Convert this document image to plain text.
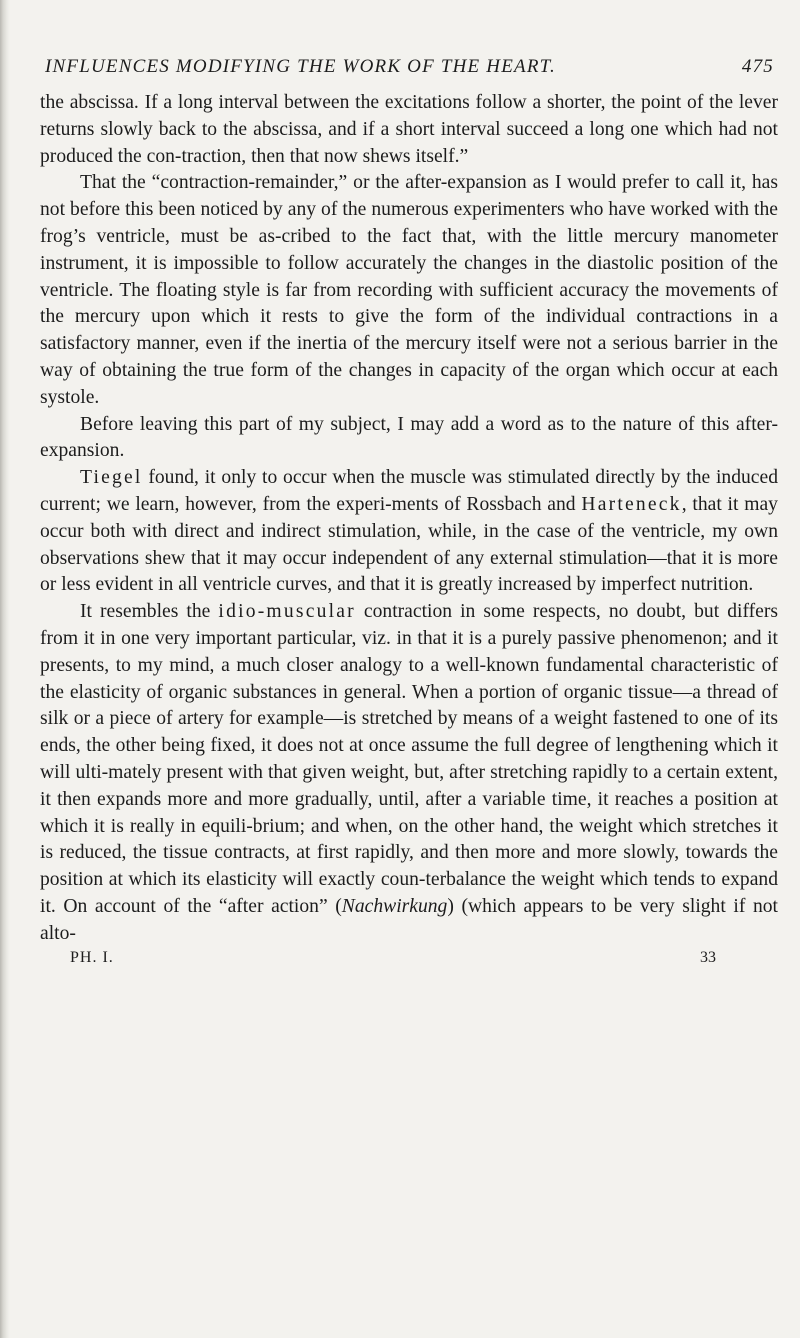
INFLUENCES MODIFYING THE WORK OF THE HEART.	475

the abscissa. If a long interval between the excitations follow a shorter, the point of the lever returns slowly back to the abscissa, and if a short interval succeed a long one which had not produced the con-traction, then that now shews itself.”

That the “contraction-remainder,” or the after-expansion as I would prefer to call it, has not before this been noticed by any of the numerous experimenters who have worked with the frog’s ventricle, must be as-cribed to the fact that, with the little mercury manometer instrument, it is impossible to follow accurately the changes in the diastolic position of the ventricle. The floating style is far from recording with sufficient accuracy the movements of the mercury upon which it rests to give the form of the individual contractions in a satisfactory manner, even if the inertia of the mercury itself were not a serious barrier in the way of obtaining the true form of the changes in capacity of the organ which occur at each systole.

Before leaving this part of my subject, I may add a word as to the nature of this after-expansion.

Tiegel found, it only to occur when the muscle was stimulated directly by the induced current; we learn, however, from the experi-ments of Rossbach and Harteneck, that it may occur both with direct and indirect stimulation, while, in the case of the ventricle, my own observations shew that it may occur independent of any external stimulation—that it is more or less evident in all ventricle curves, and that it is greatly increased by imperfect nutrition.

It resembles the idio-muscular contraction in some respects, no doubt, but differs from it in one very important particular, viz. in that it is a purely passive phenomenon; and it presents, to my mind, a much closer analogy to a well-known fundamental characteristic of the elasticity of organic substances in general. When a portion of organic tissue—a thread of silk or a piece of artery for example—is stretched by means of a weight fastened to one of its ends, the other being fixed, it does not at once assume the full degree of lengthening which it will ulti-mately present with that given weight, but, after stretching rapidly to a certain extent, it then expands more and more gradually, until, after a variable time, it reaches a position at which it is really in equili-brium; and when, on the other hand, the weight which stretches it is reduced, the tissue contracts, at first rapidly, and then more and more slowly, towards the position at which its elasticity will exactly coun-terbalance the weight which tends to expand it. On account of the “after action” (Nachwirkung) (which appears to be very slight if not alto-

PH. I.	33
